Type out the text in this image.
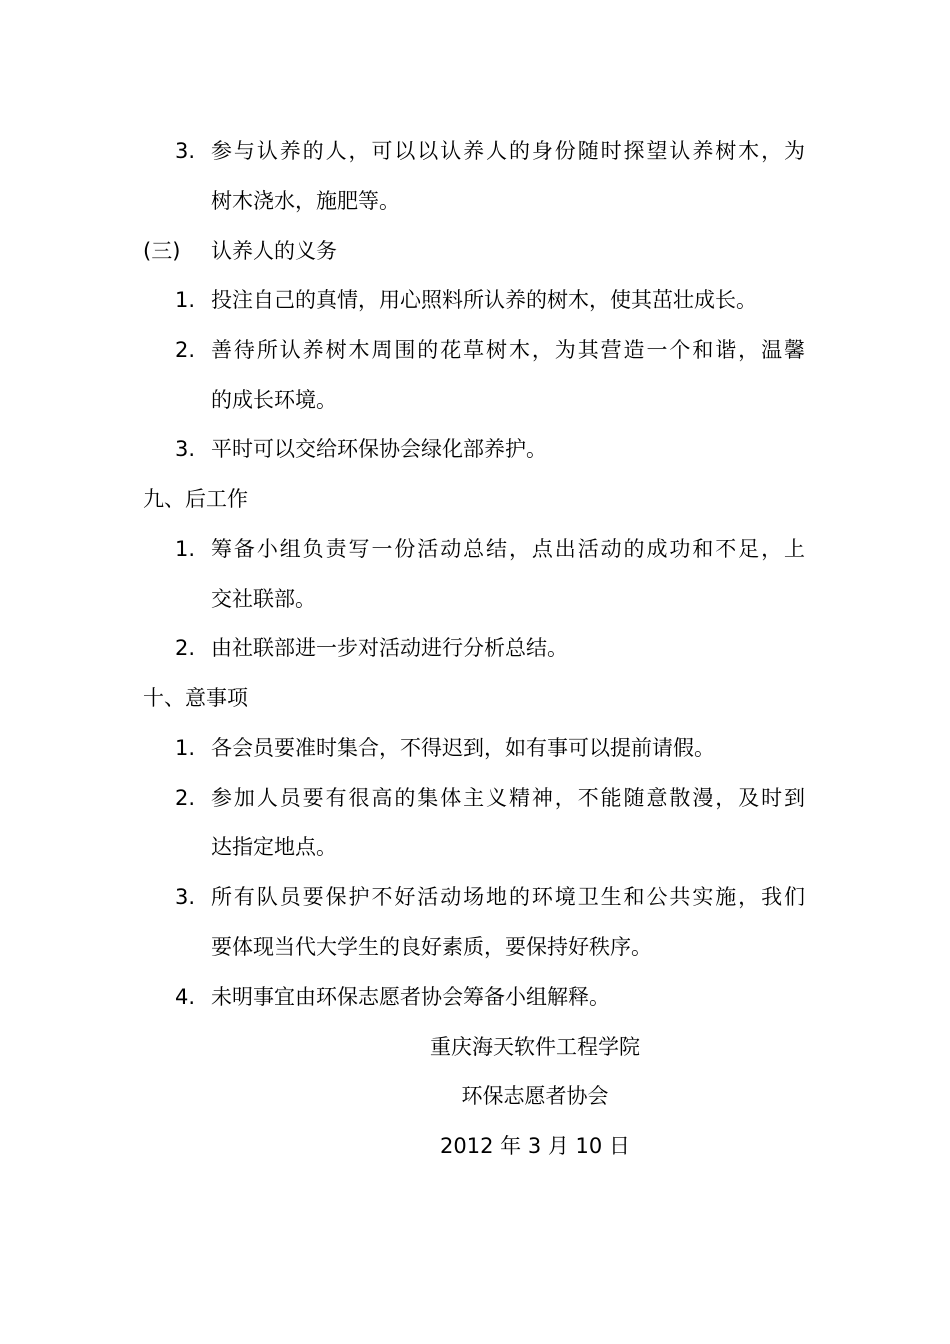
3. 参与认养的人，可以以认养人的身份随时探望认养树木，为
树木浇水，施肥等。
(三) 认养人的义务
1. 投注自己的真情，用心照料所认养的树木，使其茁壮成长。
2. 善待所认养树木周围的花草树木，为其营造一个和谐，温馨
的成长环境。
3. 平时可以交给环保协会绿化部养护。
九、后工作
1. 筹备小组负责写一份活动总结，点出活动的成功和不足，上
交社联部。
2. 由社联部进一步对活动进行分析总结。
十、意事项
1. 各会员要准时集合，不得迟到，如有事可以提前请假。
2. 参加人员要有很高的集体主义精神，不能随意散漫，及时到
达指定地点。
3. 所有队员要保护不好活动场地的环境卫生和公共实施，我们
要体现当代大学生的良好素质，要保持好秩序。
4. 未明事宜由环保志愿者协会筹备小组解释。
重庆海天软件工程学院
环保志愿者协会
2012 年 3 月 10 日
